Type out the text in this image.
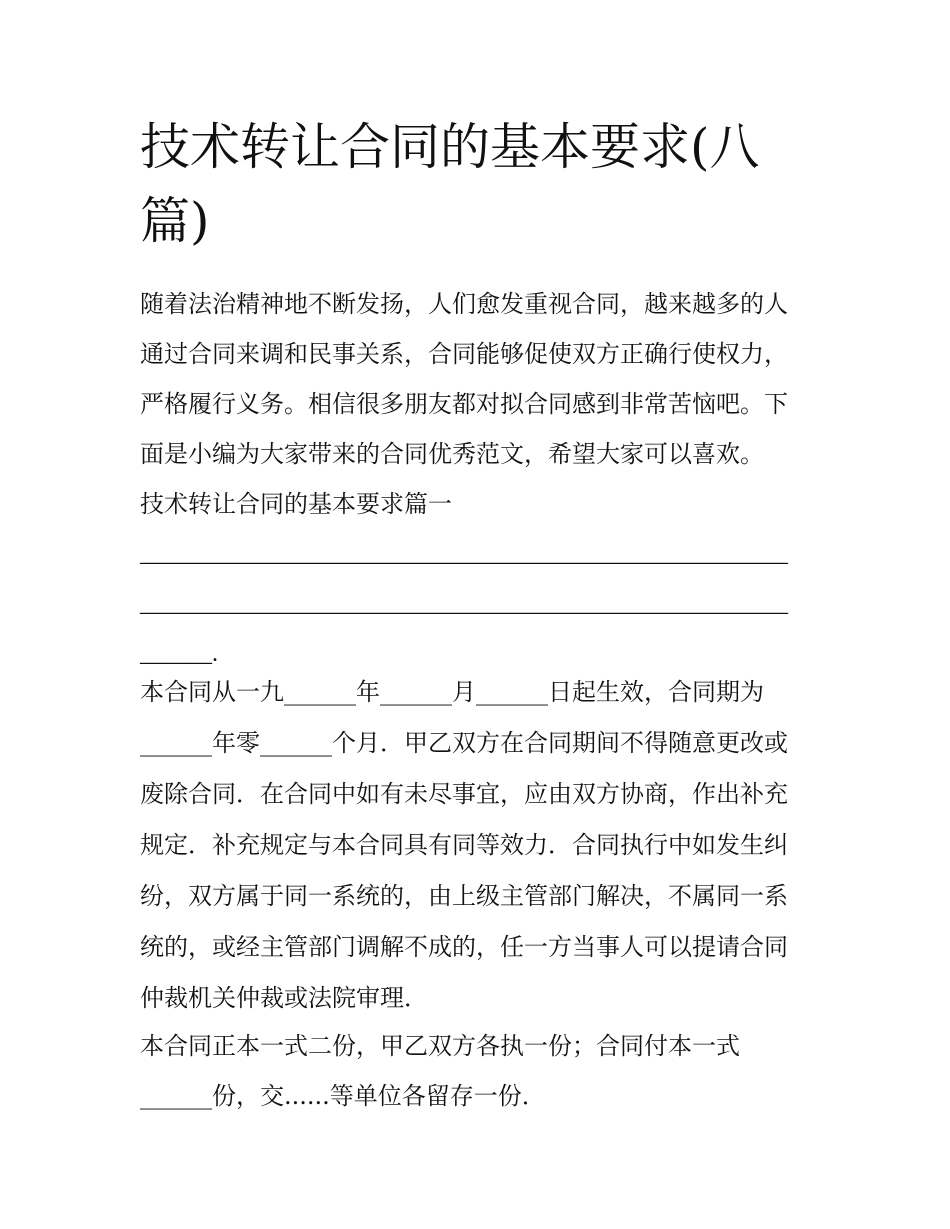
技术转让合同的基本要求(八
篇)

随着法治精神地不断发扬，人们愈发重视合同，越来越多的人
通过合同来调和民事关系，合同能够促使双方正确行使权力，
严格履行义务。相信很多朋友都对拟合同感到非常苦恼吧。下
面是小编为大家带来的合同优秀范文，希望大家可以喜欢。

技术转让合同的基本要求篇一
______________________________________________________
______________________________________________________
______.

本合同从一九______年______月______日起生效，合同期为
______年零______个月．甲乙双方在合同期间不得随意更改或
废除合同．在合同中如有未尽事宜，应由双方协商，作出补充
规定．补充规定与本合同具有同等效力．合同执行中如发生纠
纷，双方属于同一系统的，由上级主管部门解决，不属同一系
统的，或经主管部门调解不成的，任一方当事人可以提请合同
仲裁机关仲裁或法院审理．

本合同正本一式二份，甲乙双方各执一份；合同付本一式
______份，交......等单位各留存一份．
